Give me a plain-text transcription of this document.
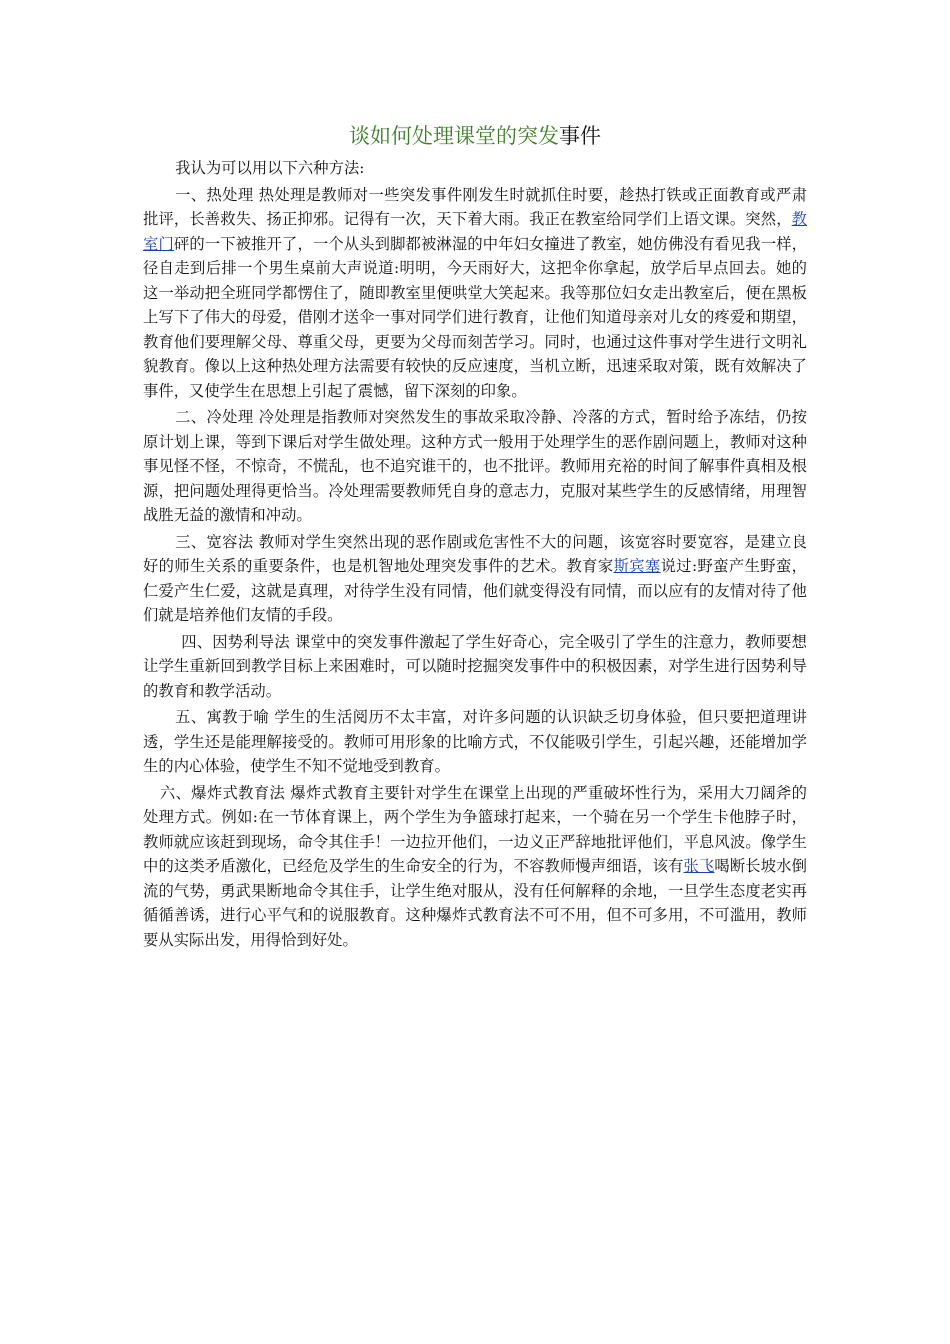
谈如何处理课堂的突发事件

我认为可以用以下六种方法:

一、热处理 热处理是教师对一些突发事件刚发生时就抓住时要，趁热打铁或正面教育或严肃批评，长善救失、扬正抑邪。记得有一次，天下着大雨。我正在教室给同学们上语文课。突然，教室门砰的一下被推开了，一个从头到脚都被淋湿的中年妇女撞进了教室，她仿佛没有看见我一样，径自走到后排一个男生桌前大声说道:明明，今天雨好大，这把伞你拿起，放学后早点回去。她的这一举动把全班同学都愣住了，随即教室里便哄堂大笑起来。我等那位妇女走出教室后，便在黑板上写下了伟大的母爱，借刚才送伞一事对同学们进行教育，让他们知道母亲对儿女的疼爱和期望，教育他们要理解父母、尊重父母，更要为父母而刻苦学习。同时，也通过这件事对学生进行文明礼貌教育。像以上这种热处理方法需要有较快的反应速度，当机立断，迅速采取对策，既有效解决了事件，又使学生在思想上引起了震憾，留下深刻的印象。

二、冷处理 冷处理是指教师对突然发生的事故采取冷静、冷落的方式，暂时给予冻结，仍按原计划上课，等到下课后对学生做处理。这种方式一般用于处理学生的恶作剧问题上，教师对这种事见怪不怪，不惊奇，不慌乱，也不追究谁干的，也不批评。教师用充裕的时间了解事件真相及根源，把问题处理得更恰当。冷处理需要教师凭自身的意志力，克服对某些学生的反感情绪，用理智战胜无益的激情和冲动。

三、宽容法 教师对学生突然出现的恶作剧或危害性不大的问题，该宽容时要宽容，是建立良好的师生关系的重要条件，也是机智地处理突发事件的艺术。教育家斯宾塞说过:野蛮产生野蛮，仁爱产生仁爱，这就是真理，对待学生没有同情，他们就变得没有同情，而以应有的友情对待了他们就是培养他们友情的手段。

四、因势利导法 课堂中的突发事件激起了学生好奇心，完全吸引了学生的注意力，教师要想让学生重新回到教学目标上来困难时，可以随时挖掘突发事件中的积极因素，对学生进行因势利导的教育和教学活动。

五、寓教于喻 学生的生活阅历不太丰富，对许多问题的认识缺乏切身体验，但只要把道理讲透，学生还是能理解接受的。教师可用形象的比喻方式，不仅能吸引学生，引起兴趣，还能增加学生的内心体验，使学生不知不觉地受到教育。

六、爆炸式教育法 爆炸式教育主要针对学生在课堂上出现的严重破坏性行为，采用大刀阔斧的处理方式。例如:在一节体育课上，两个学生为争篮球打起来，一个骑在另一个学生卡他脖子时，教师就应该赶到现场，命令其住手！一边拉开他们，一边义正严辞地批评他们，平息风波。像学生中的这类矛盾激化，已经危及学生的生命安全的行为，不容教师慢声细语，该有张飞喝断长坡水倒流的气势，勇武果断地命令其住手，让学生绝对服从，没有任何解释的余地，一旦学生态度老实再循循善诱，进行心平气和的说服教育。这种爆炸式教育法不可不用，但不可多用，不可滥用，教师要从实际出发，用得恰到好处。
